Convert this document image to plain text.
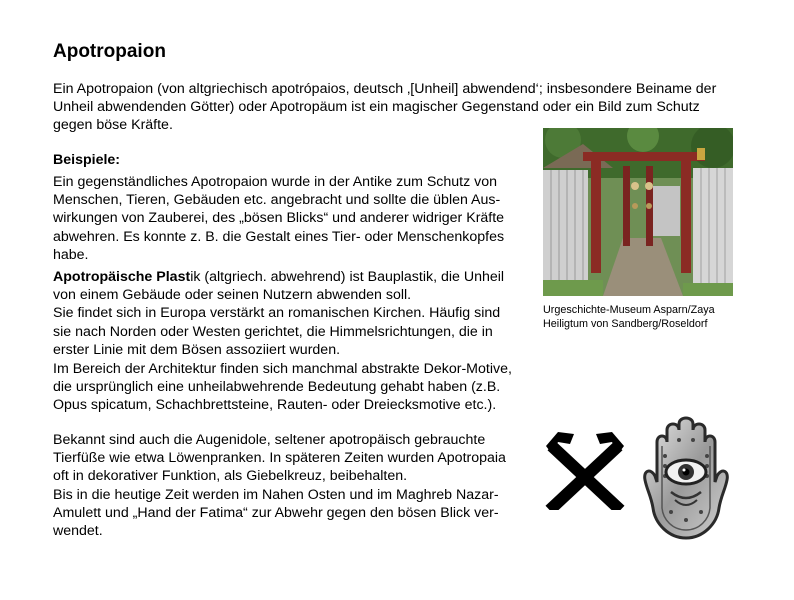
Apotropaion
Ein Apotropaion (von altgriechisch apotrópaios, deutsch ‚[Unheil] abwendend‘; insbesondere Beiname der
Unheil abwendenden Götter) oder Apotropäum ist ein magischer Gegenstand oder ein Bild zum Schutz
gegen böse Kräfte.
Beispiele:
Ein gegenständliches Apotropaion wurde in der Antike zum Schutz von
Menschen, Tieren, Gebäuden etc. angebracht und sollte die üblen Aus-
wirkungen von Zauberei, des „bösen Blicks“ und anderer widriger Kräfte
abwehren. Es konnte z. B. die Gestalt eines Tier- oder Menschenkopfes
habe.
Apotropäische Plastik (altgriech. abwehrend) ist Bauplastik, die Unheil
von einem Gebäude oder seinen Nutzern abwenden soll.
Sie findet sich in Europa verstärkt an romanischen Kirchen. Häufig sind
sie nach Norden oder Westen gerichtet, die Himmelsrichtungen, die in
erster Linie mit dem Bösen assoziiert wurden.
Im Bereich der Architektur finden sich manchmal abstrakte Dekor-Motive,
die ursprünglich eine unheilabwehrende Bedeutung gehabt haben (z.B.
Opus spicatum, Schachbrettsteine, Rauten- oder Dreiecksmotive etc.).
Bekannt sind auch die Augenidole, seltener apotropäisch gebrauchte
Tierfüße wie etwa Löwenpranken. In späteren Zeiten wurden Apotropaia
oft in dekorativer Funktion, als Giebelkreuz, beibehalten.
Bis in die heutige Zeit werden im Nahen Osten und im Maghreb Nazar-
Amulett und „Hand der Fatima“ zur Abwehr gegen den bösen Blick ver-
wendet.
Urgeschichte-Museum Asparn/Zaya
Heiligtum von Sandberg/Roseldorf
